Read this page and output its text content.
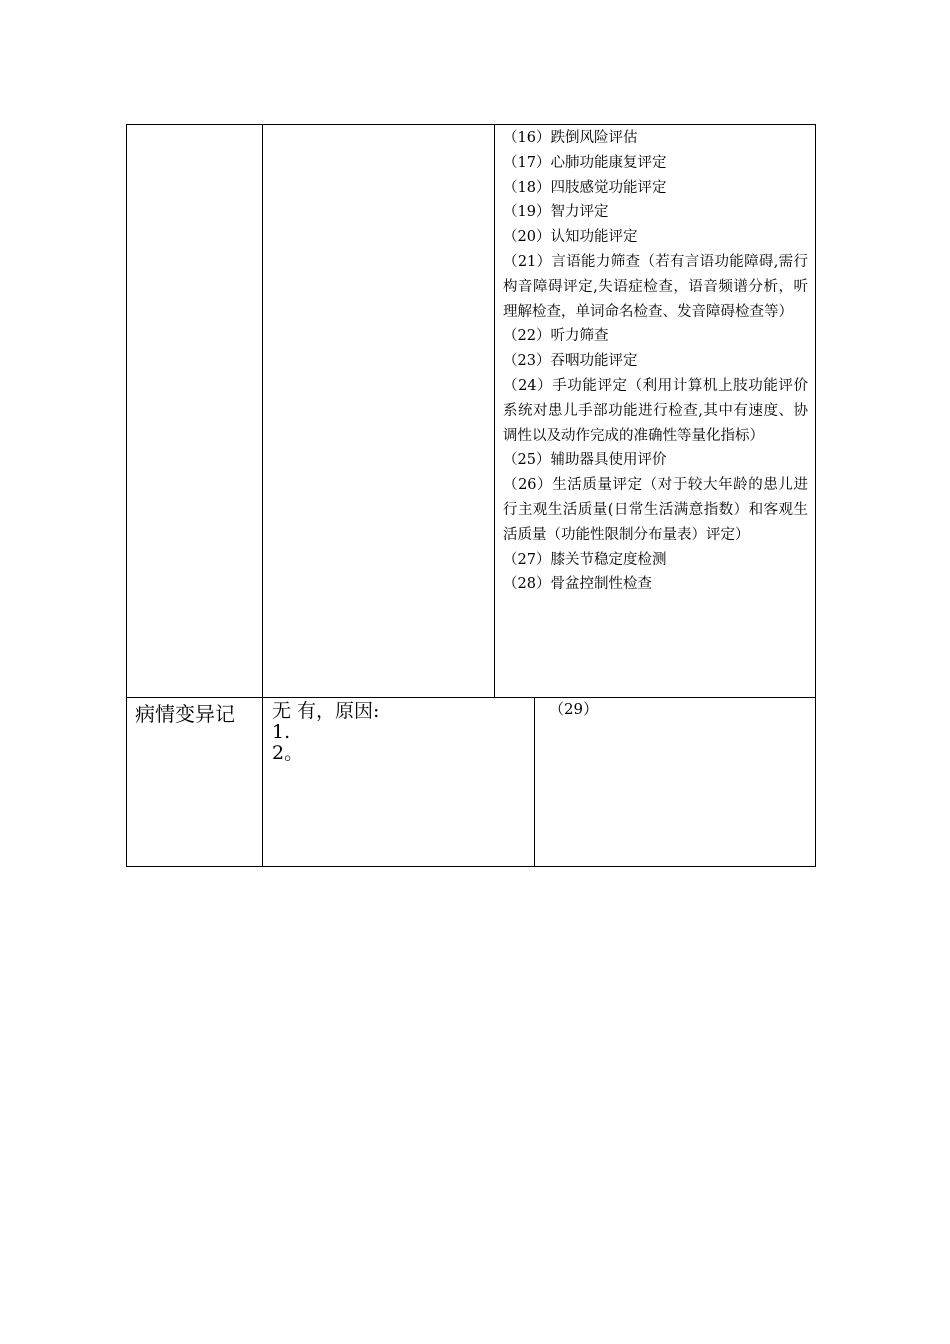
（16）跌倒风险评估

（17）心肺功能康复评定

（18）四肢感觉功能评定

（19）智力评定

（20）认知功能评定

（21）言语能力筛查（若有言语功能障碍,需行构音障碍评定,失语症检查，语音频谱分析，听理解检查，单词命名检查、发音障碍检查等）

（22）听力筛查

（23）吞咽功能评定

（24）手功能评定（利用计算机上肢功能评价系统对患儿手部功能进行检查,其中有速度、协调性以及动作完成的准确性等量化指标）

（25）辅助器具使用评价

（26）生活质量评定（对于较大年龄的患儿进行主观生活质量(日常生活满意指数）和客观生活质量（功能性限制分布量表）评定）

（27）膝关节稳定度检测

（28）骨盆控制性检查

病情变异记 无 有，原因:
1.
2。
（29）
